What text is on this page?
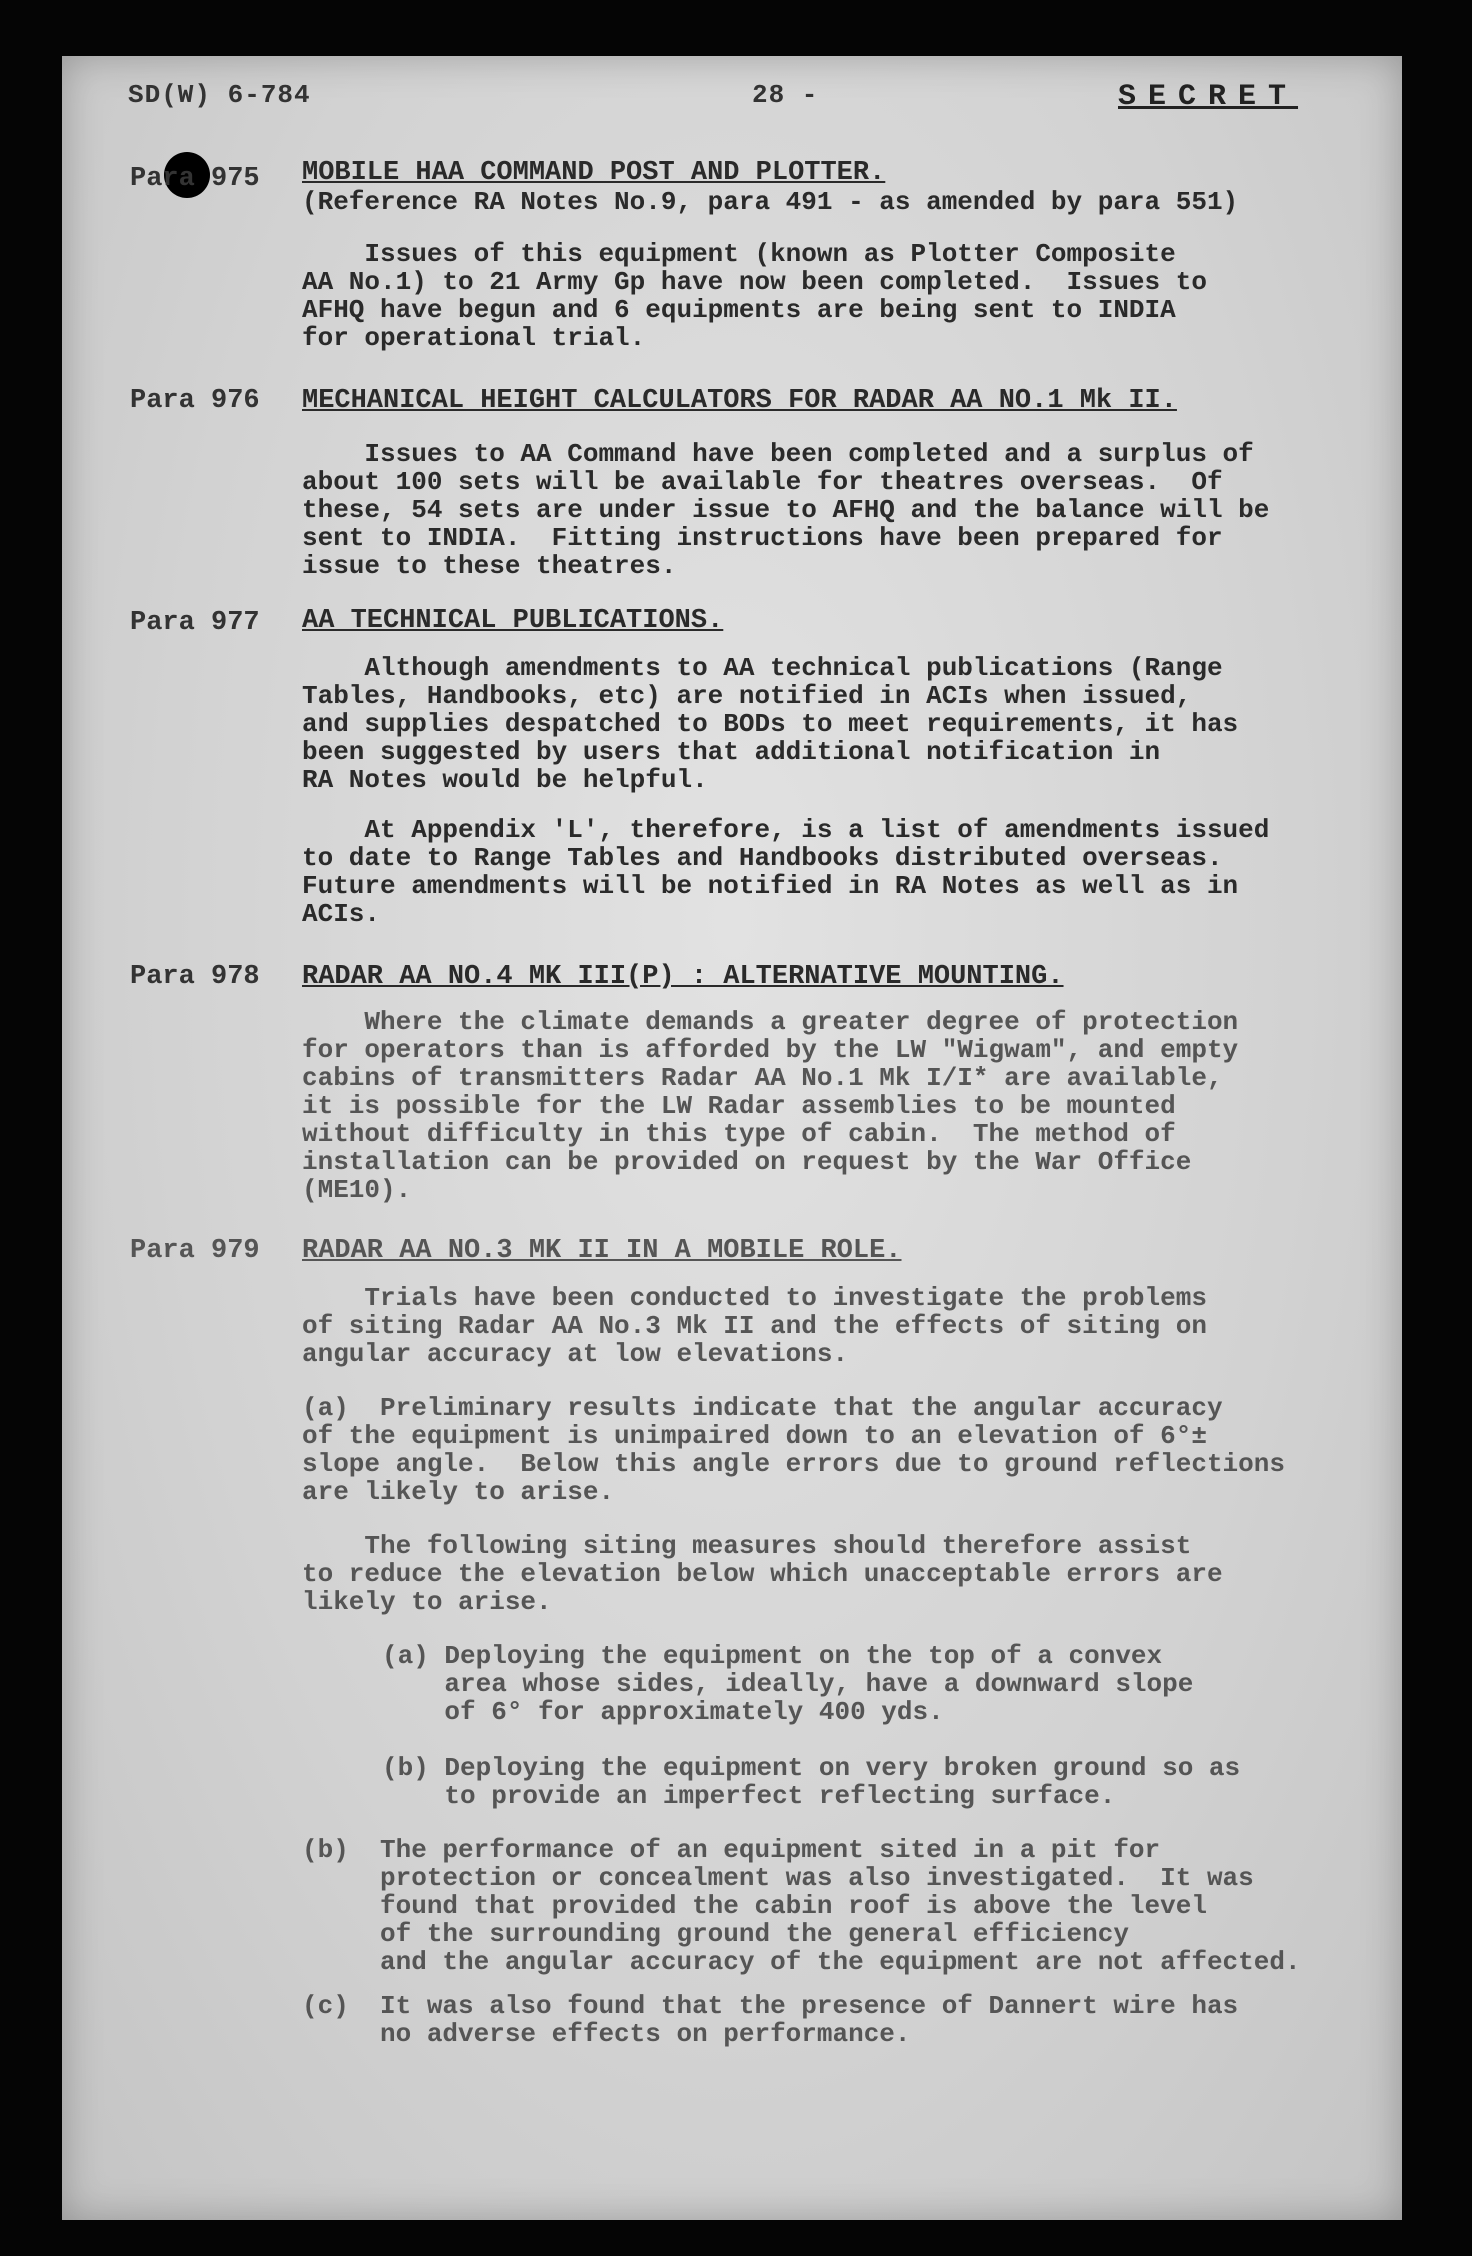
SD(W) 6-784	28 -	SECRET
Para 975 MOBILE HAA COMMAND POST AND PLOTTER.
(Reference RA Notes No.9, para 491 - as amended by para 551)
Issues of this equipment (known as Plotter Composite
AA No.1) to 21 Army Gp have now been completed.  Issues to
AFHQ have begun and 6 equipments are being sent to INDIA
for operational trial.
Para 976 MECHANICAL HEIGHT CALCULATORS FOR RADAR AA NO.1 Mk II.
Issues to AA Command have been completed and a surplus of
about 100 sets will be available for theatres overseas.  Of
these, 54 sets are under issue to AFHQ and the balance will be
sent to INDIA.  Fitting instructions have been prepared for
issue to these theatres.
Para 977 AA TECHNICAL PUBLICATIONS.
Although amendments to AA technical publications (Range
Tables, Handbooks, etc) are notified in ACIs when issued,
and supplies despatched to BODs to meet requirements, it has
been suggested by users that additional notification in
RA Notes would be helpful.
At Appendix 'L', therefore, is a list of amendments issued
to date to Range Tables and Handbooks distributed overseas.
Future amendments will be notified in RA Notes as well as in
ACIs.
Para 978 RADAR AA NO.4 MK III(P) : ALTERNATIVE MOUNTING.
Where the climate demands a greater degree of protection
for operators than is afforded by the LW "Wigwam", and empty
cabins of transmitters Radar AA No.1 Mk I/I* are available,
it is possible for the LW Radar assemblies to be mounted
without difficulty in this type of cabin.  The method of
installation can be provided on request by the War Office
(ME10).
Para 979 RADAR AA NO.3 MK II IN A MOBILE ROLE.
Trials have been conducted to investigate the problems
of siting Radar AA No.3 Mk II and the effects of siting on
angular accuracy at low elevations.
(a)  Preliminary results indicate that the angular accuracy
of the equipment is unimpaired down to an elevation of 6°±
slope angle.  Below this angle errors due to ground reflections
are likely to arise.
The following siting measures should therefore assist
to reduce the elevation below which unacceptable errors are
likely to arise.
(a) Deploying the equipment on the top of a convex
area whose sides, ideally, have a downward slope
of 6° for approximately 400 yds.
(b) Deploying the equipment on very broken ground so as
to provide an imperfect reflecting surface.
(b)  The performance of an equipment sited in a pit for
protection or concealment was also investigated.  It was
found that provided the cabin roof is above the level
of the surrounding ground the general efficiency
and the angular accuracy of the equipment are not affected.
(c)  It was also found that the presence of Dannert wire has
no adverse effects on performance.
